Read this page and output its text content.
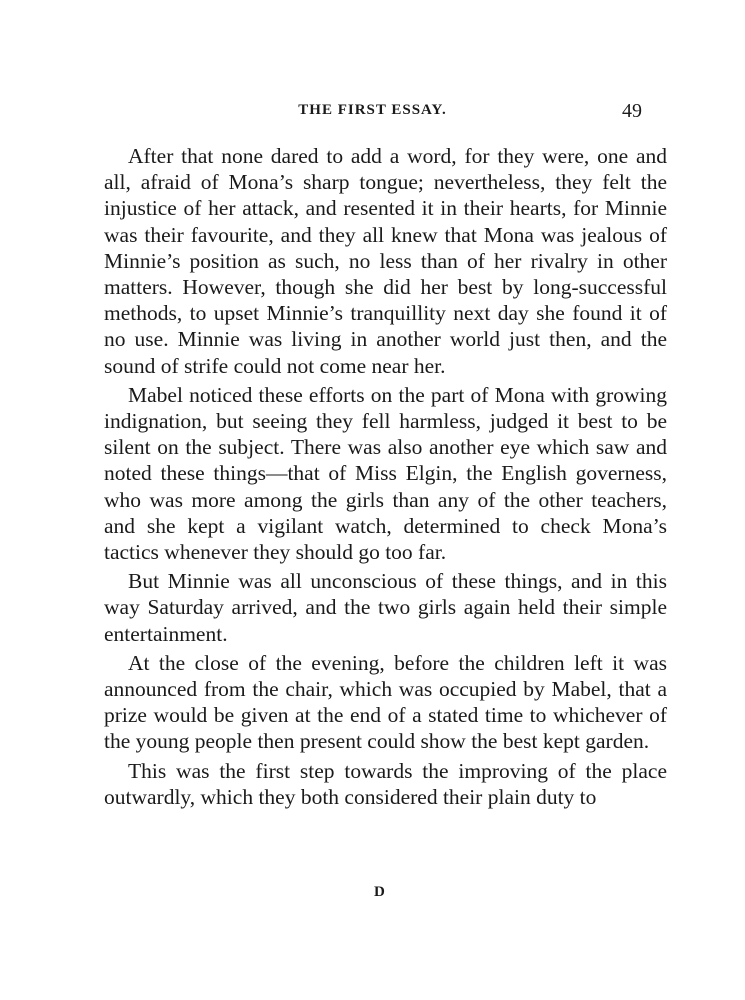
THE FIRST ESSAY.	49

After that none dared to add a word, for they were, one and all, afraid of Mona’s sharp tongue; nevertheless, they felt the injustice of her attack, and resented it in their hearts, for Minnie was their favourite, and they all knew that Mona was jealous of Minnie’s position as such, no less than of her rivalry in other matters. However, though she did her best by long-successful methods, to upset Minnie’s tranquillity next day she found it of no use. Minnie was living in another world just then, and the sound of strife could not come near her.

Mabel noticed these efforts on the part of Mona with growing indignation, but seeing they fell harmless, judged it best to be silent on the subject. There was also another eye which saw and noted these things—that of Miss Elgin, the English governess, who was more among the girls than any of the other teachers, and she kept a vigilant watch, determined to check Mona’s tactics whenever they should go too far.

But Minnie was all unconscious of these things, and in this way Saturday arrived, and the two girls again held their simple entertainment.

At the close of the evening, before the children left it was announced from the chair, which was occupied by Mabel, that a prize would be given at the end of a stated time to whichever of the young people then present could show the best kept garden.

This was the first step towards the improving of the place outwardly, which they both considered their plain duty to

D
